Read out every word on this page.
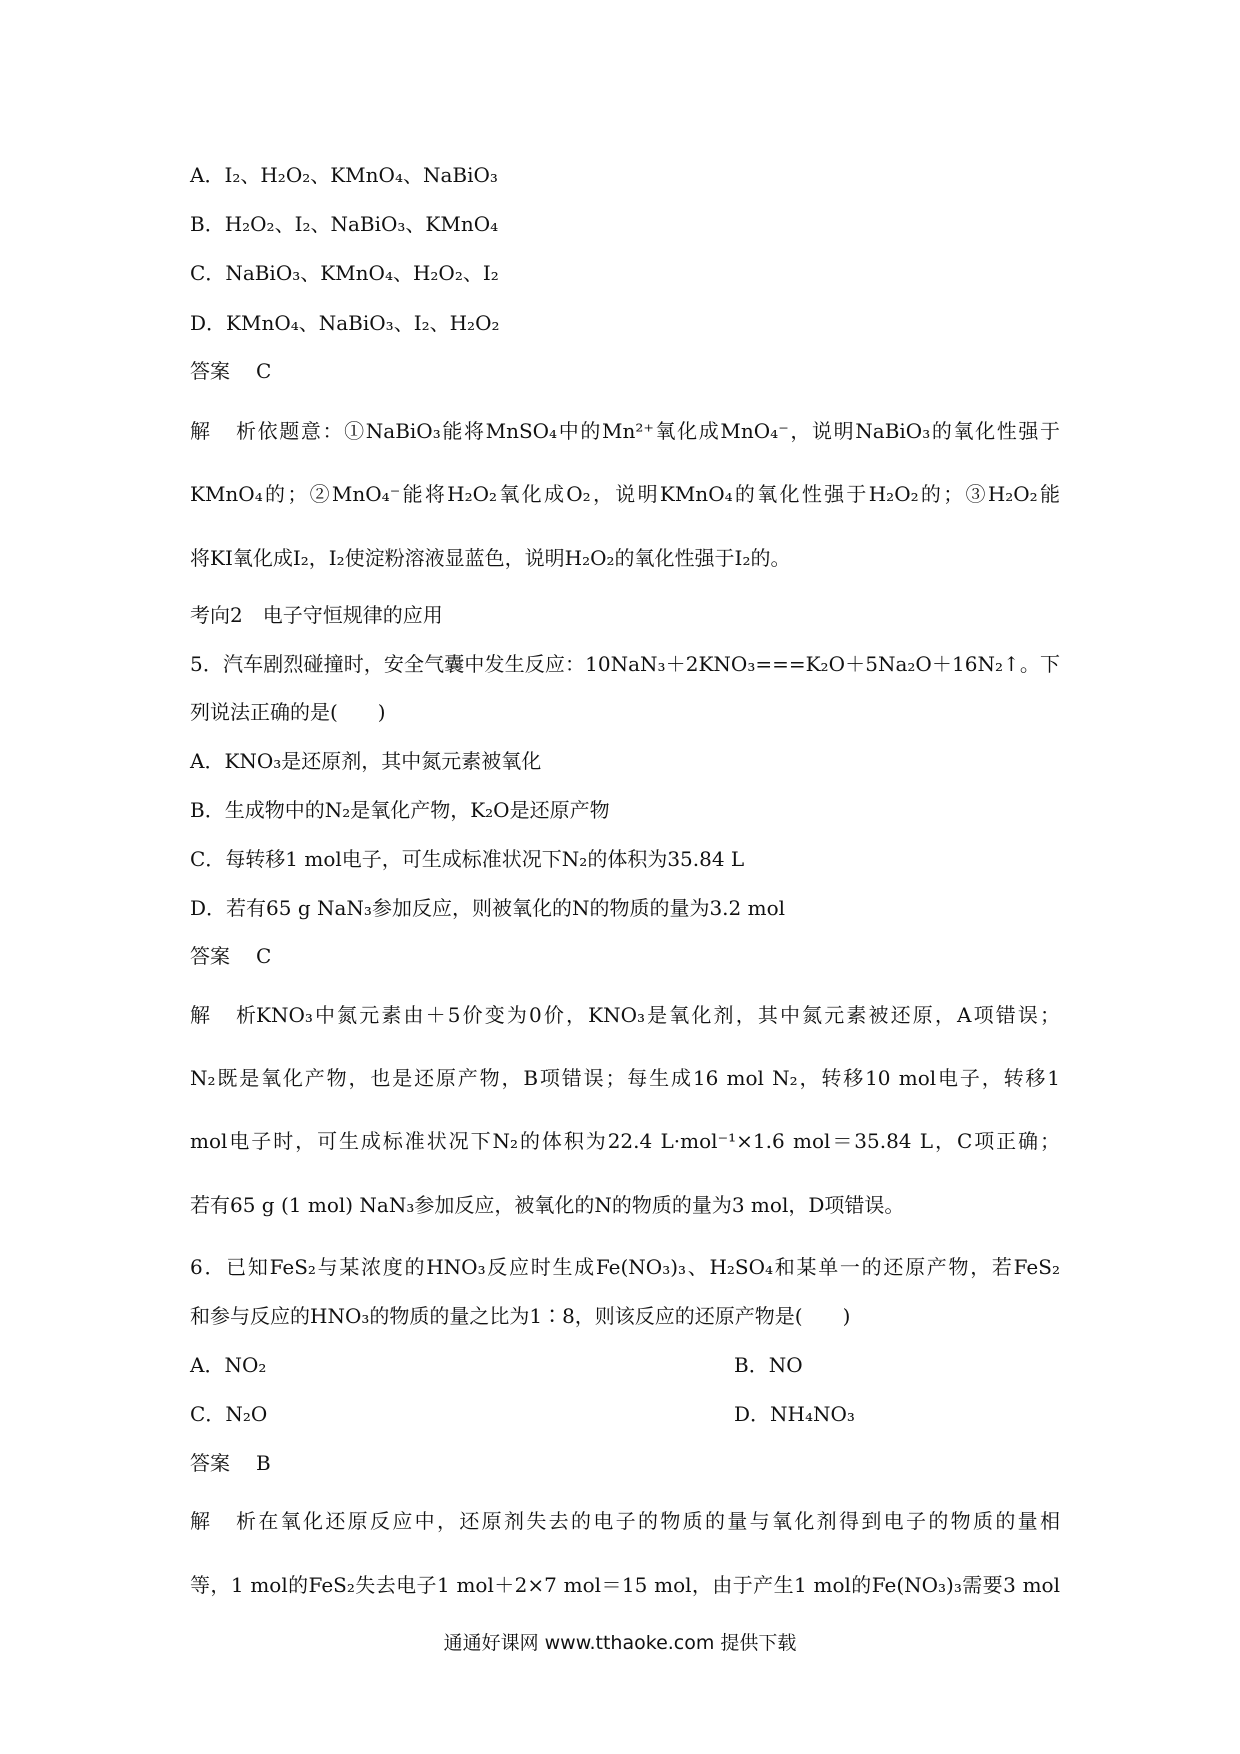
A．I₂、H₂O₂、KMnO₄、NaBiO₃
B．H₂O₂、I₂、NaBiO₃、KMnO₄
C．NaBiO₃、KMnO₄、H₂O₂、I₂
D．KMnO₄、NaBiO₃、I₂、H₂O₂
答案 C
解析依题意：①NaBiO₃能将MnSO₄中的Mn²⁺氧化成MnO₄⁻，说明NaBiO₃的氧化性强于
KMnO₄的；②MnO₄⁻能将H₂O₂氧化成O₂，说明KMnO₄的氧化性强于H₂O₂的；③H₂O₂能
将KI氧化成I₂，I₂使淀粉溶液显蓝色，说明H₂O₂的氧化性强于I₂的。
考向2　电子守恒规律的应用
5．汽车剧烈碰撞时，安全气囊中发生反应：10NaN₃＋2KNO₃===K₂O＋5Na₂O＋16N₂↑。下
列说法正确的是(　　)
A．KNO₃是还原剂，其中氮元素被氧化
B．生成物中的N₂是氧化产物，K₂O是还原产物
C．每转移1 mol电子，可生成标准状况下N₂的体积为35.84 L
D．若有65 g NaN₃参加反应，则被氧化的N的物质的量为3.2 mol
答案 C
解析KNO₃中氮元素由＋5价变为0价，KNO₃是氧化剂，其中氮元素被还原，A项错误；
N₂既是氧化产物，也是还原产物，B项错误；每生成16 mol N₂，转移10 mol电子，转移1
mol电子时，可生成标准状况下N₂的体积为22.4 L·mol⁻¹×1.6 mol＝35.84 L，C项正确；
若有65 g (1 mol) NaN₃参加反应，被氧化的N的物质的量为3 mol，D项错误。
6．已知FeS₂与某浓度的HNO₃反应时生成Fe(NO₃)₃、H₂SO₄和某单一的还原产物，若FeS₂
和参与反应的HNO₃的物质的量之比为1∶8，则该反应的还原产物是(　　)
A．NO₂	B．NO
C．N₂O	D．NH₄NO₃
答案 B
解析在氧化还原反应中，还原剂失去的电子的物质的量与氧化剂得到电子的物质的量相
等，1 mol的FeS₂失去电子1 mol＋2×7 mol＝15 mol，由于产生1 mol的Fe(NO₃)₃需要3 mol
通通好课网 www.tthaoke.com 提供下载
